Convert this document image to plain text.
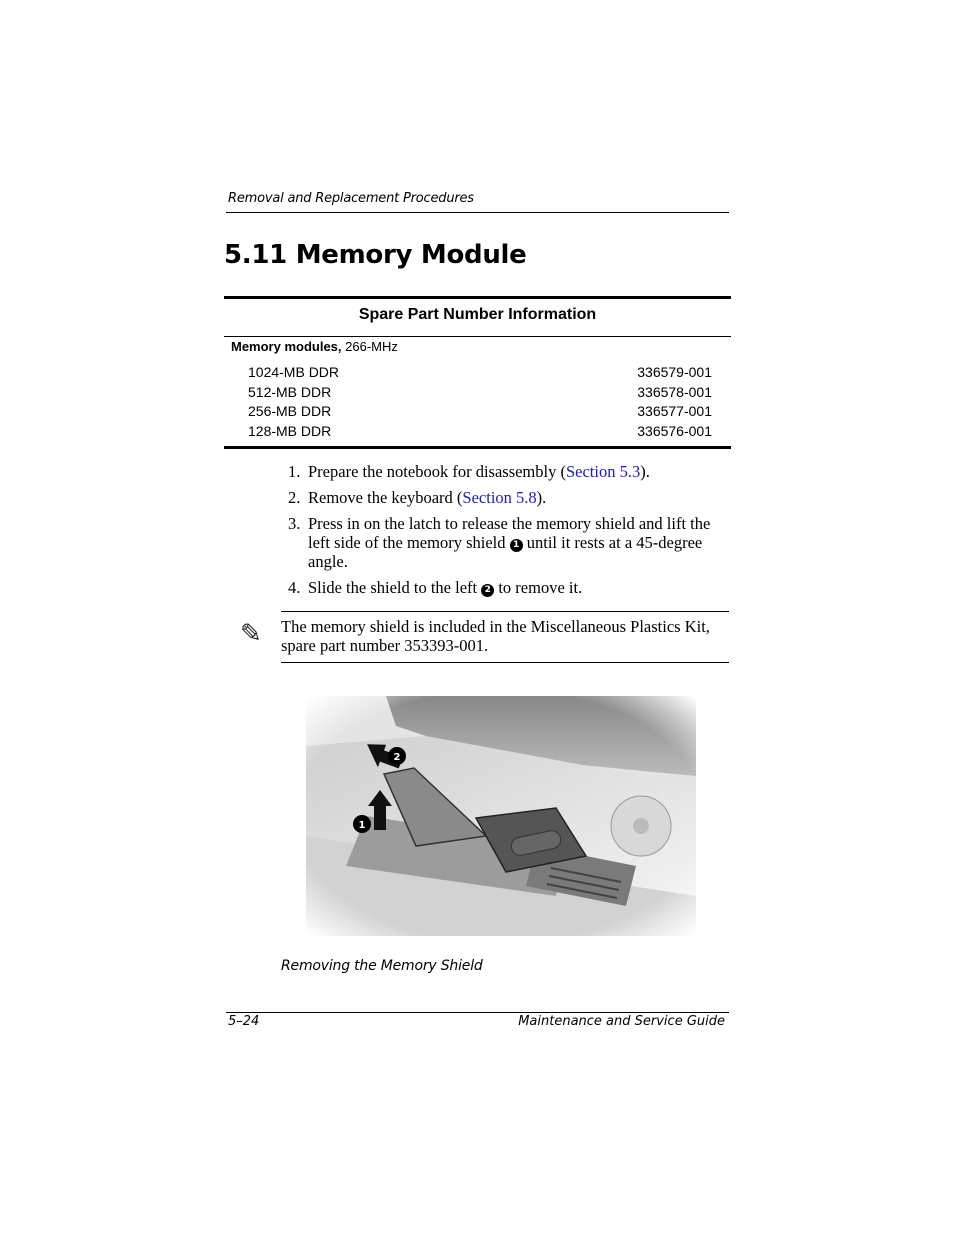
Removal and Replacement Procedures
5.11 Memory Module
Spare Part Number Information
Memory modules, 266-MHz
1024-MB DDR	336579-001
512-MB DDR	336578-001
256-MB DDR	336577-001
128-MB DDR	336576-001
1. Prepare the notebook for disassembly (Section 5.3).
2. Remove the keyboard (Section 5.8).
3. Press in on the latch to release the memory shield and lift the left side of the memory shield 1 until it rests at a 45-degree angle.
4. Slide the shield to the left 2 to remove it.
✎ The memory shield is included in the Miscellaneous Plastics Kit, spare part number 353393-001.
Removing the Memory Shield
5–24	Maintenance and Service Guide
